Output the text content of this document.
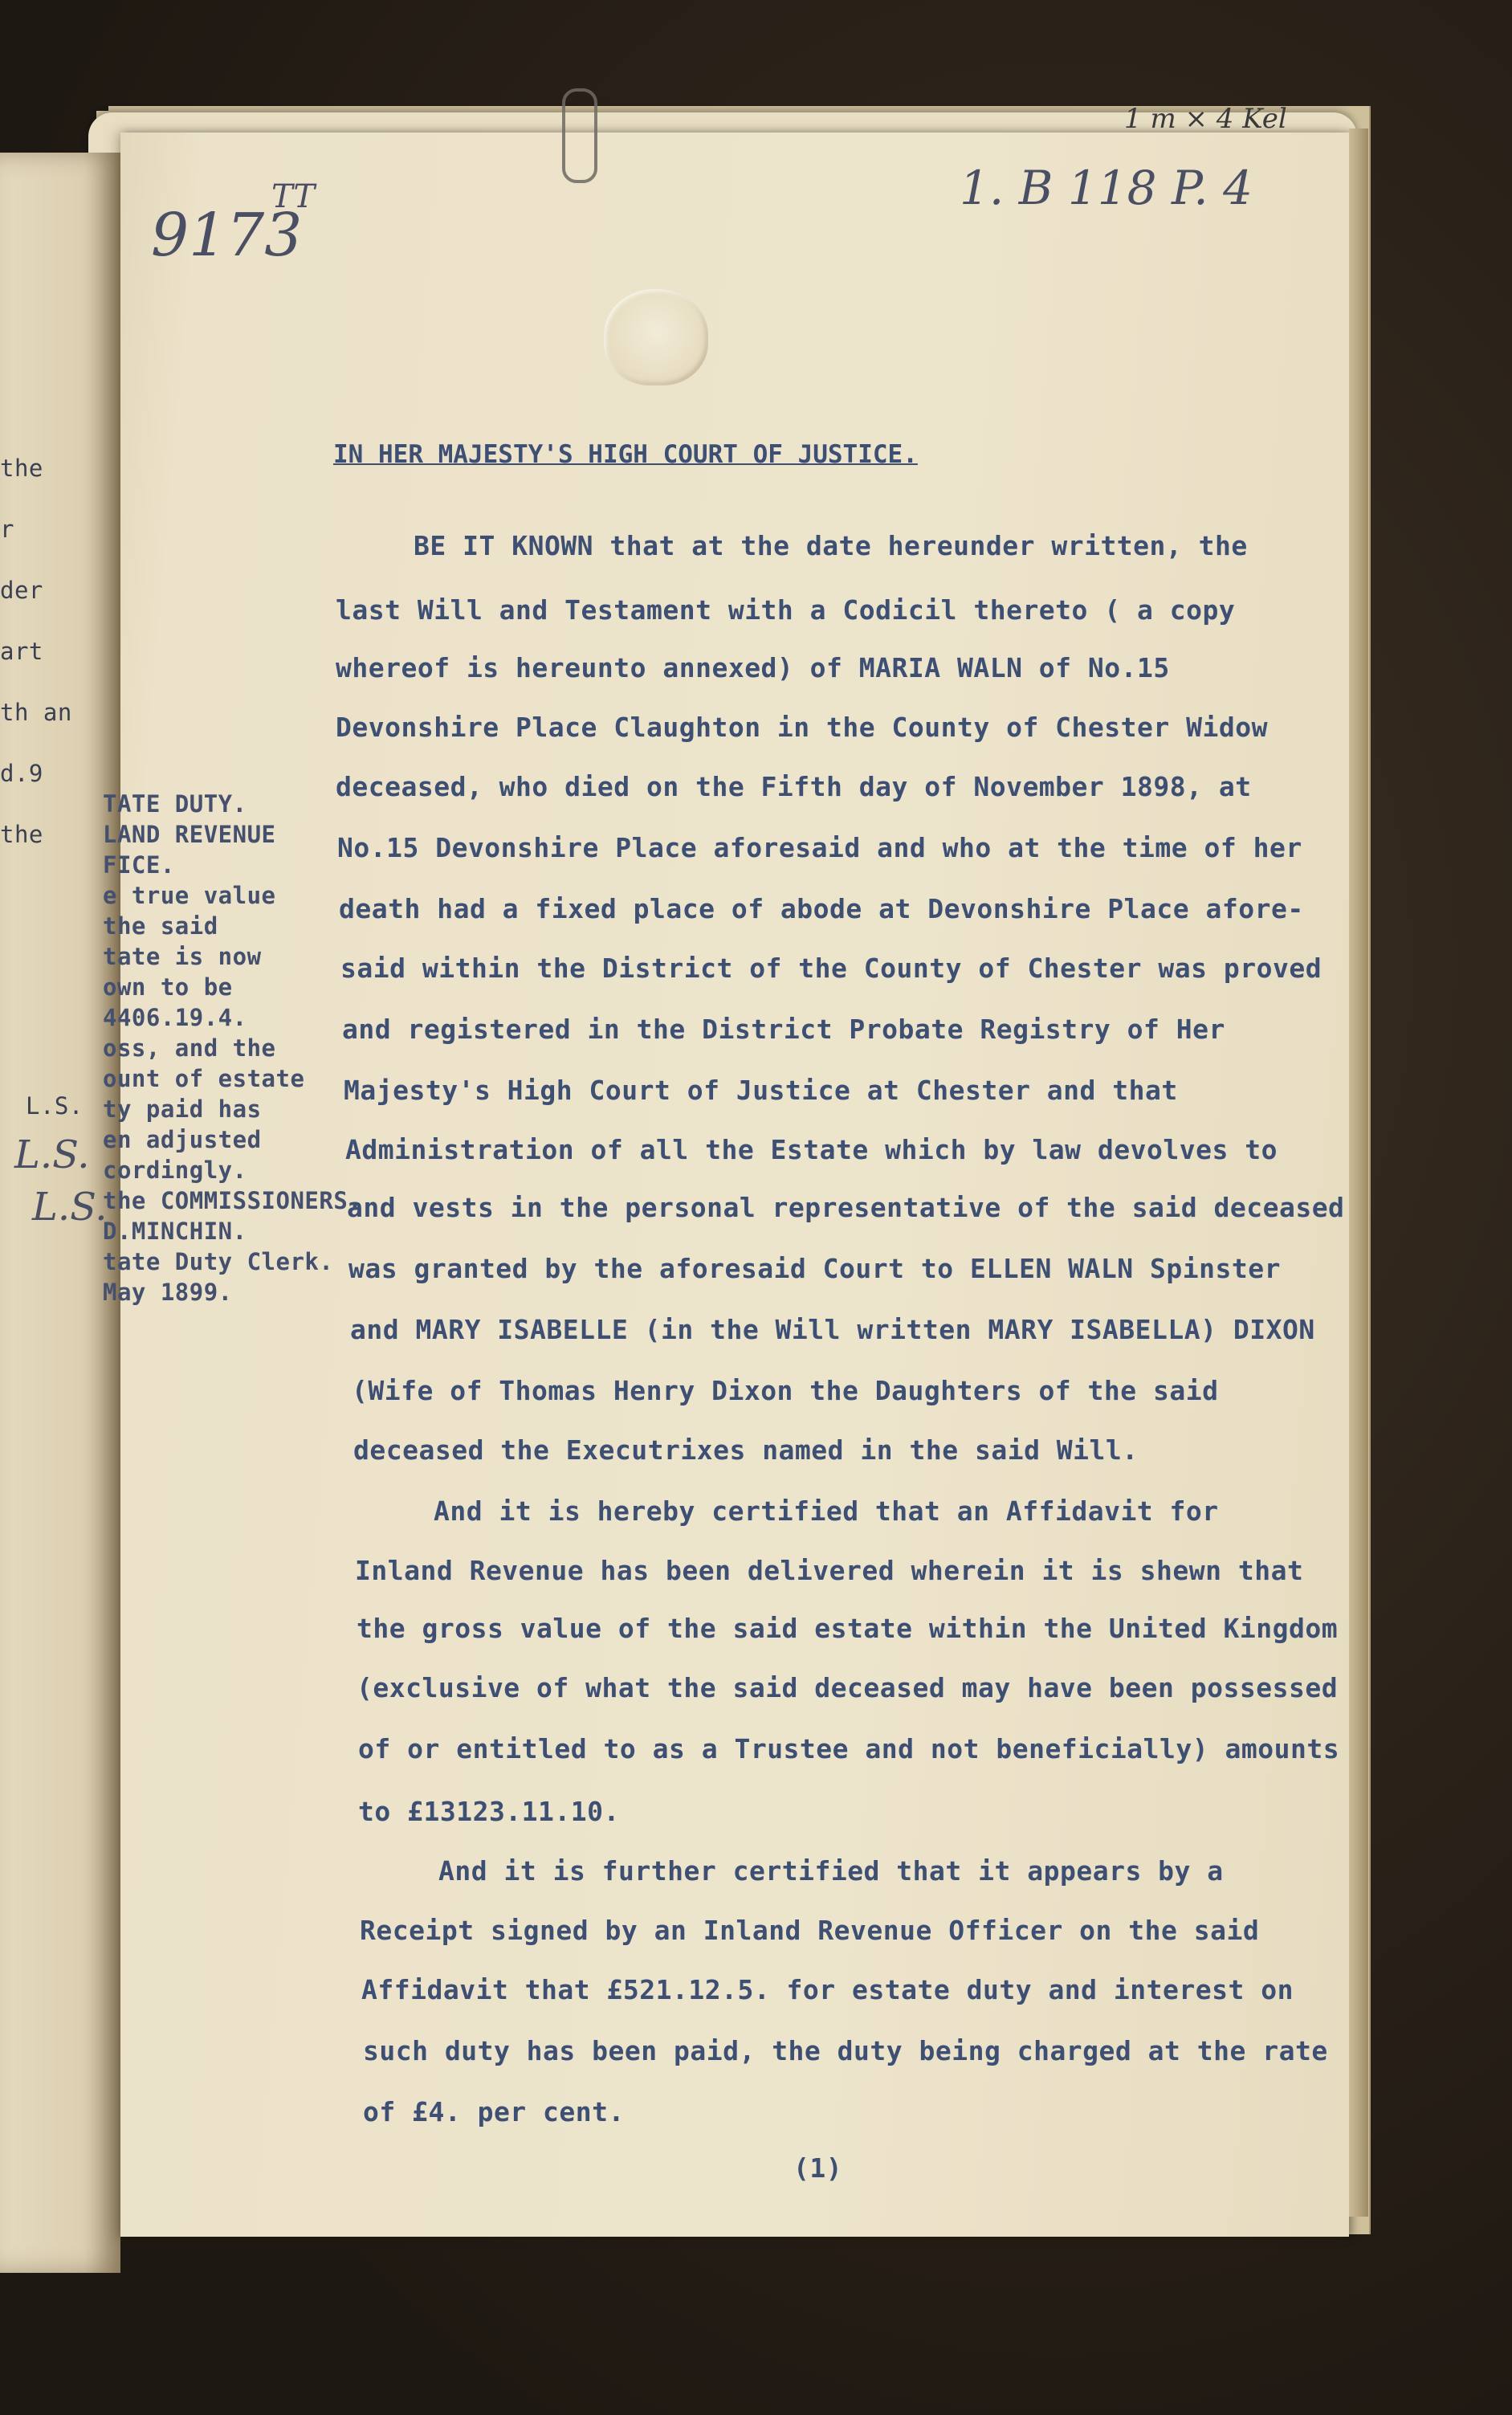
1 m × 4 Kel
1. B 118 P. 4
9173
TT
IN HER MAJESTY'S HIGH COURT OF JUSTICE.
BE IT KNOWN that at the date hereunder written, the
last Will and Testament with a Codicil thereto ( a copy
whereof is hereunto annexed) of MARIA WALN of No.15
Devonshire Place Claughton in the County of Chester Widow
deceased, who died on the Fifth day of November 1898, at
No.15 Devonshire Place aforesaid and who at the time of her
death had a fixed place of abode at Devonshire Place afore-
said within the District of the County of Chester was proved
and registered in the District Probate Registry of Her
Majesty's High Court of Justice at Chester and that
Administration of all the Estate which by law devolves to
and vests in the personal representative of the said deceased
was granted by the aforesaid Court to ELLEN WALN Spinster
and MARY ISABELLE (in the Will written MARY ISABELLA) DIXON
(Wife of Thomas Henry Dixon the Daughters of the said
deceased the Executrixes named in the said Will.
And it is hereby certified that an Affidavit for
Inland Revenue has been delivered wherein it is shewn that
the gross value of the said estate within the United Kingdom
(exclusive of what the said deceased may have been possessed
of or entitled to as a Trustee and not beneficially) amounts
to £13123.11.10.
And it is further certified that it appears by a
Receipt signed by an Inland Revenue Officer on the said
Affidavit that £521.12.5. for estate duty and interest on
such duty has been paid, the duty being charged at the rate
of £4. per cent.
TATE DUTY.
LAND REVENUE
FICE.
e true value
the said
tate is now
own to be
4406.19.4.
oss, and the
ount of estate
ty paid has
en adjusted
cordingly.
the COMMISSIONERS.
D.MINCHIN.
tate Duty Clerk.
May 1899.
the
r
der
art
th an
d.9
the
L.S.
L.S.
L.S.
(1)
